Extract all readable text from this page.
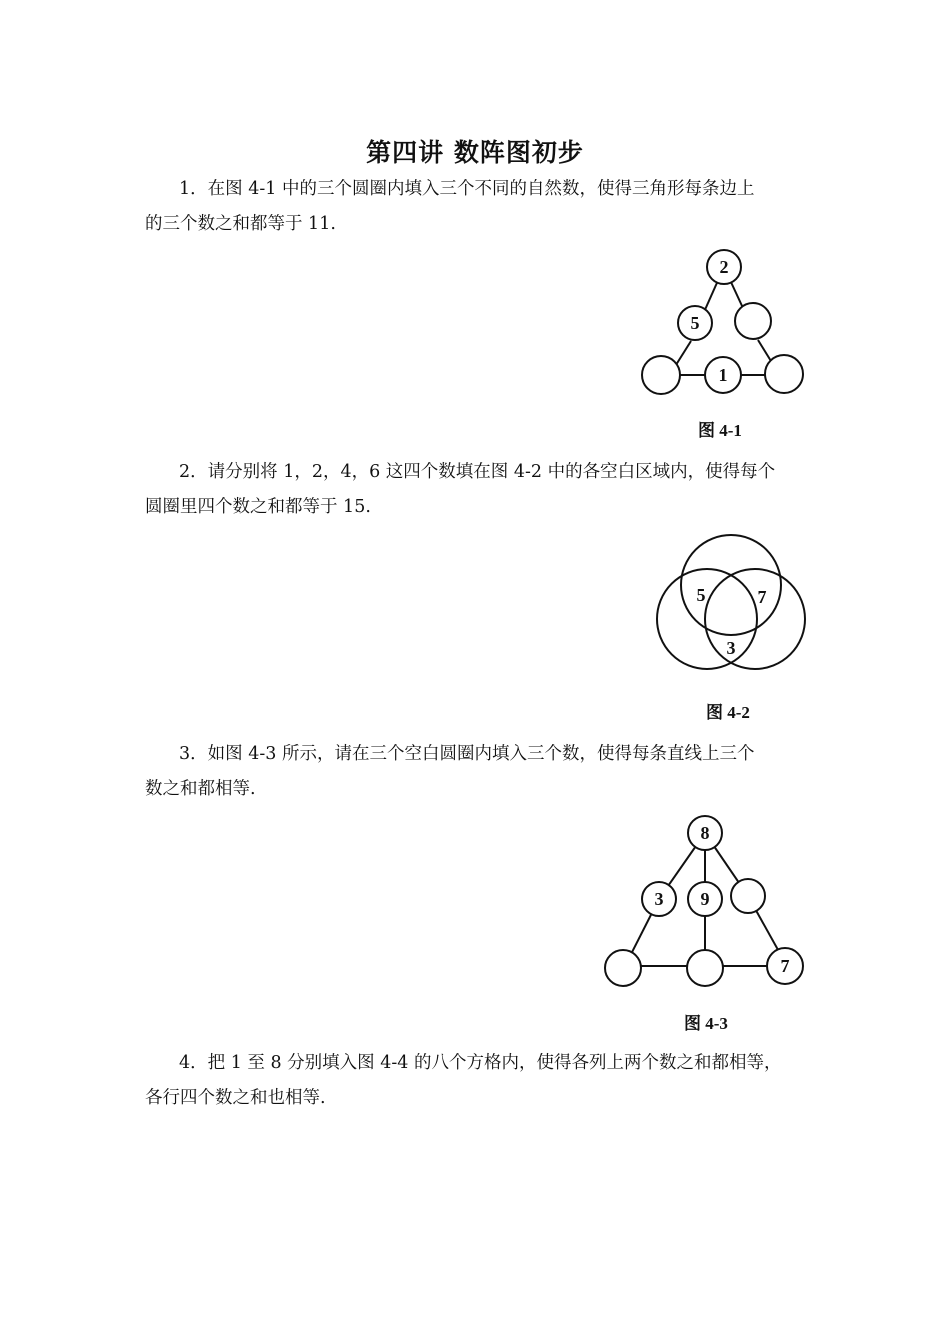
第四讲 数阵图初步

1．在图 4-1 中的三个圆圈内填入三个不同的自然数，使得三角形每条边上
的三个数之和都等于 11.

2
5
1
图 4-1

2．请分别将 1，2，4，6 这四个数填在图 4-2 中的各空白区域内，使得每个
圆圈里四个数之和都等于 15.

5	7
3
图 4-2

3．如图 4-3 所示，请在三个空白圆圈内填入三个数，使得每条直线上三个
数之和都相等.

8
3 9
7
图 4-3

4．把 1 至 8 分别填入图 4-4 的八个方格内，使得各列上两个数之和都相等，
各行四个数之和也相等.
